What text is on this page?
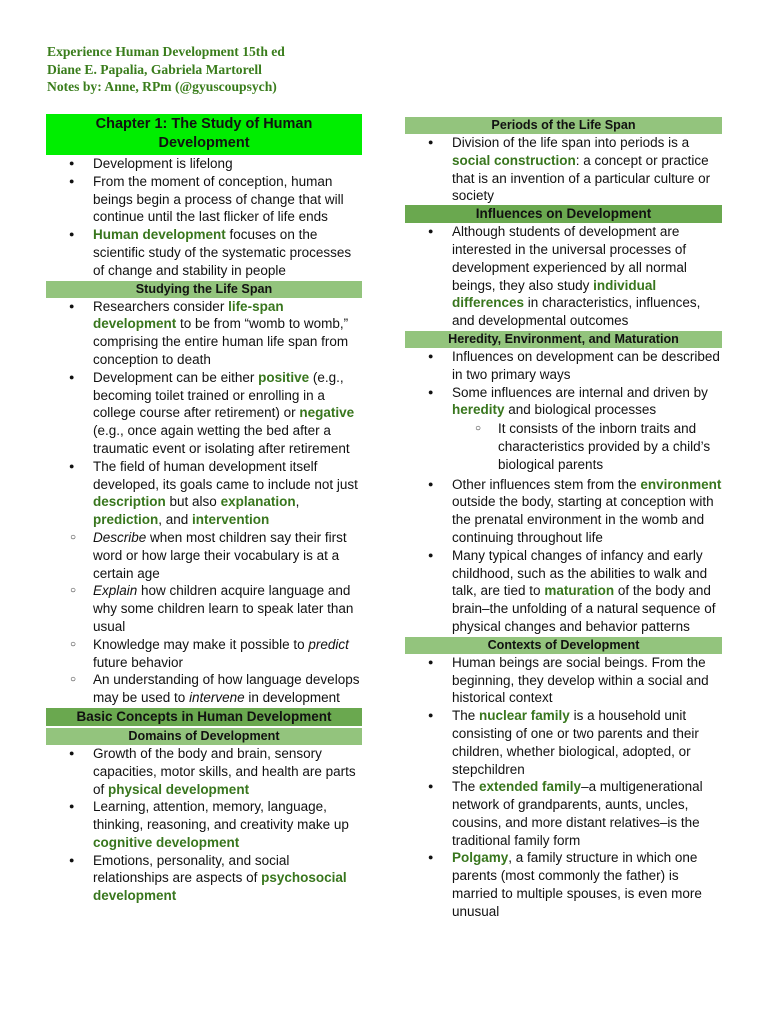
Experience Human Development 15th ed
Diane E. Papalia, Gabriela Martorell
Notes by: Anne, RPm (@gyuscoupsych)
Chapter 1: The Study of Human Development
● Development is lifelong
● From the moment of conception, human beings begin a process of change that will continue until the last flicker of life ends
● Human development focuses on the scientific study of the systematic processes of change and stability in people
Studying the Life Span
● Researchers consider life-span development to be from “womb to womb,” comprising the entire human life span from conception to death
● Development can be either positive (e.g., becoming toilet trained or enrolling in a college course after retirement) or negative (e.g., once again wetting the bed after a traumatic event or isolating after retirement
● The field of human development itself developed, its goals came to include not just description but also explanation, prediction, and intervention
○ Describe when most children say their first word or how large their vocabulary is at a certain age
○ Explain how children acquire language and why some children learn to speak later than usual
○ Knowledge may make it possible to predict future behavior
○ An understanding of how language develops may be used to intervene in development
Basic Concepts in Human Development
Domains of Development
● Growth of the body and brain, sensory capacities, motor skills, and health are parts of physical development
● Learning, attention, memory, language, thinking, reasoning, and creativity make up cognitive development
● Emotions, personality, and social relationships are aspects of psychosocial development
Periods of the Life Span
● Division of the life span into periods is a social construction: a concept or practice that is an invention of a particular culture or society
Influences on Development
● Although students of development are interested in the universal processes of development experienced by all normal beings, they also study individual differences in characteristics, influences, and developmental outcomes
Heredity, Environment, and Maturation
● Influences on development can be described in two primary ways
● Some influences are internal and driven by heredity and biological processes
○ It consists of the inborn traits and characteristics provided by a child’s biological parents
● Other influences stem from the environment outside the body, starting at conception with the prenatal environment in the womb and continuing throughout life
● Many typical changes of infancy and early childhood, such as the abilities to walk and talk, are tied to maturation of the body and brain–the unfolding of a natural sequence of physical changes and behavior patterns
Contexts of Development
● Human beings are social beings. From the beginning, they develop within a social and historical context
● The nuclear family is a household unit consisting of one or two parents and their children, whether biological, adopted, or stepchildren
● The extended family–a multigenerational network of grandparents, aunts, uncles, cousins, and more distant relatives–is the traditional family form
● Polgamy, a family structure in which one parents (most commonly the father) is married to multiple spouses, is even more unusual
